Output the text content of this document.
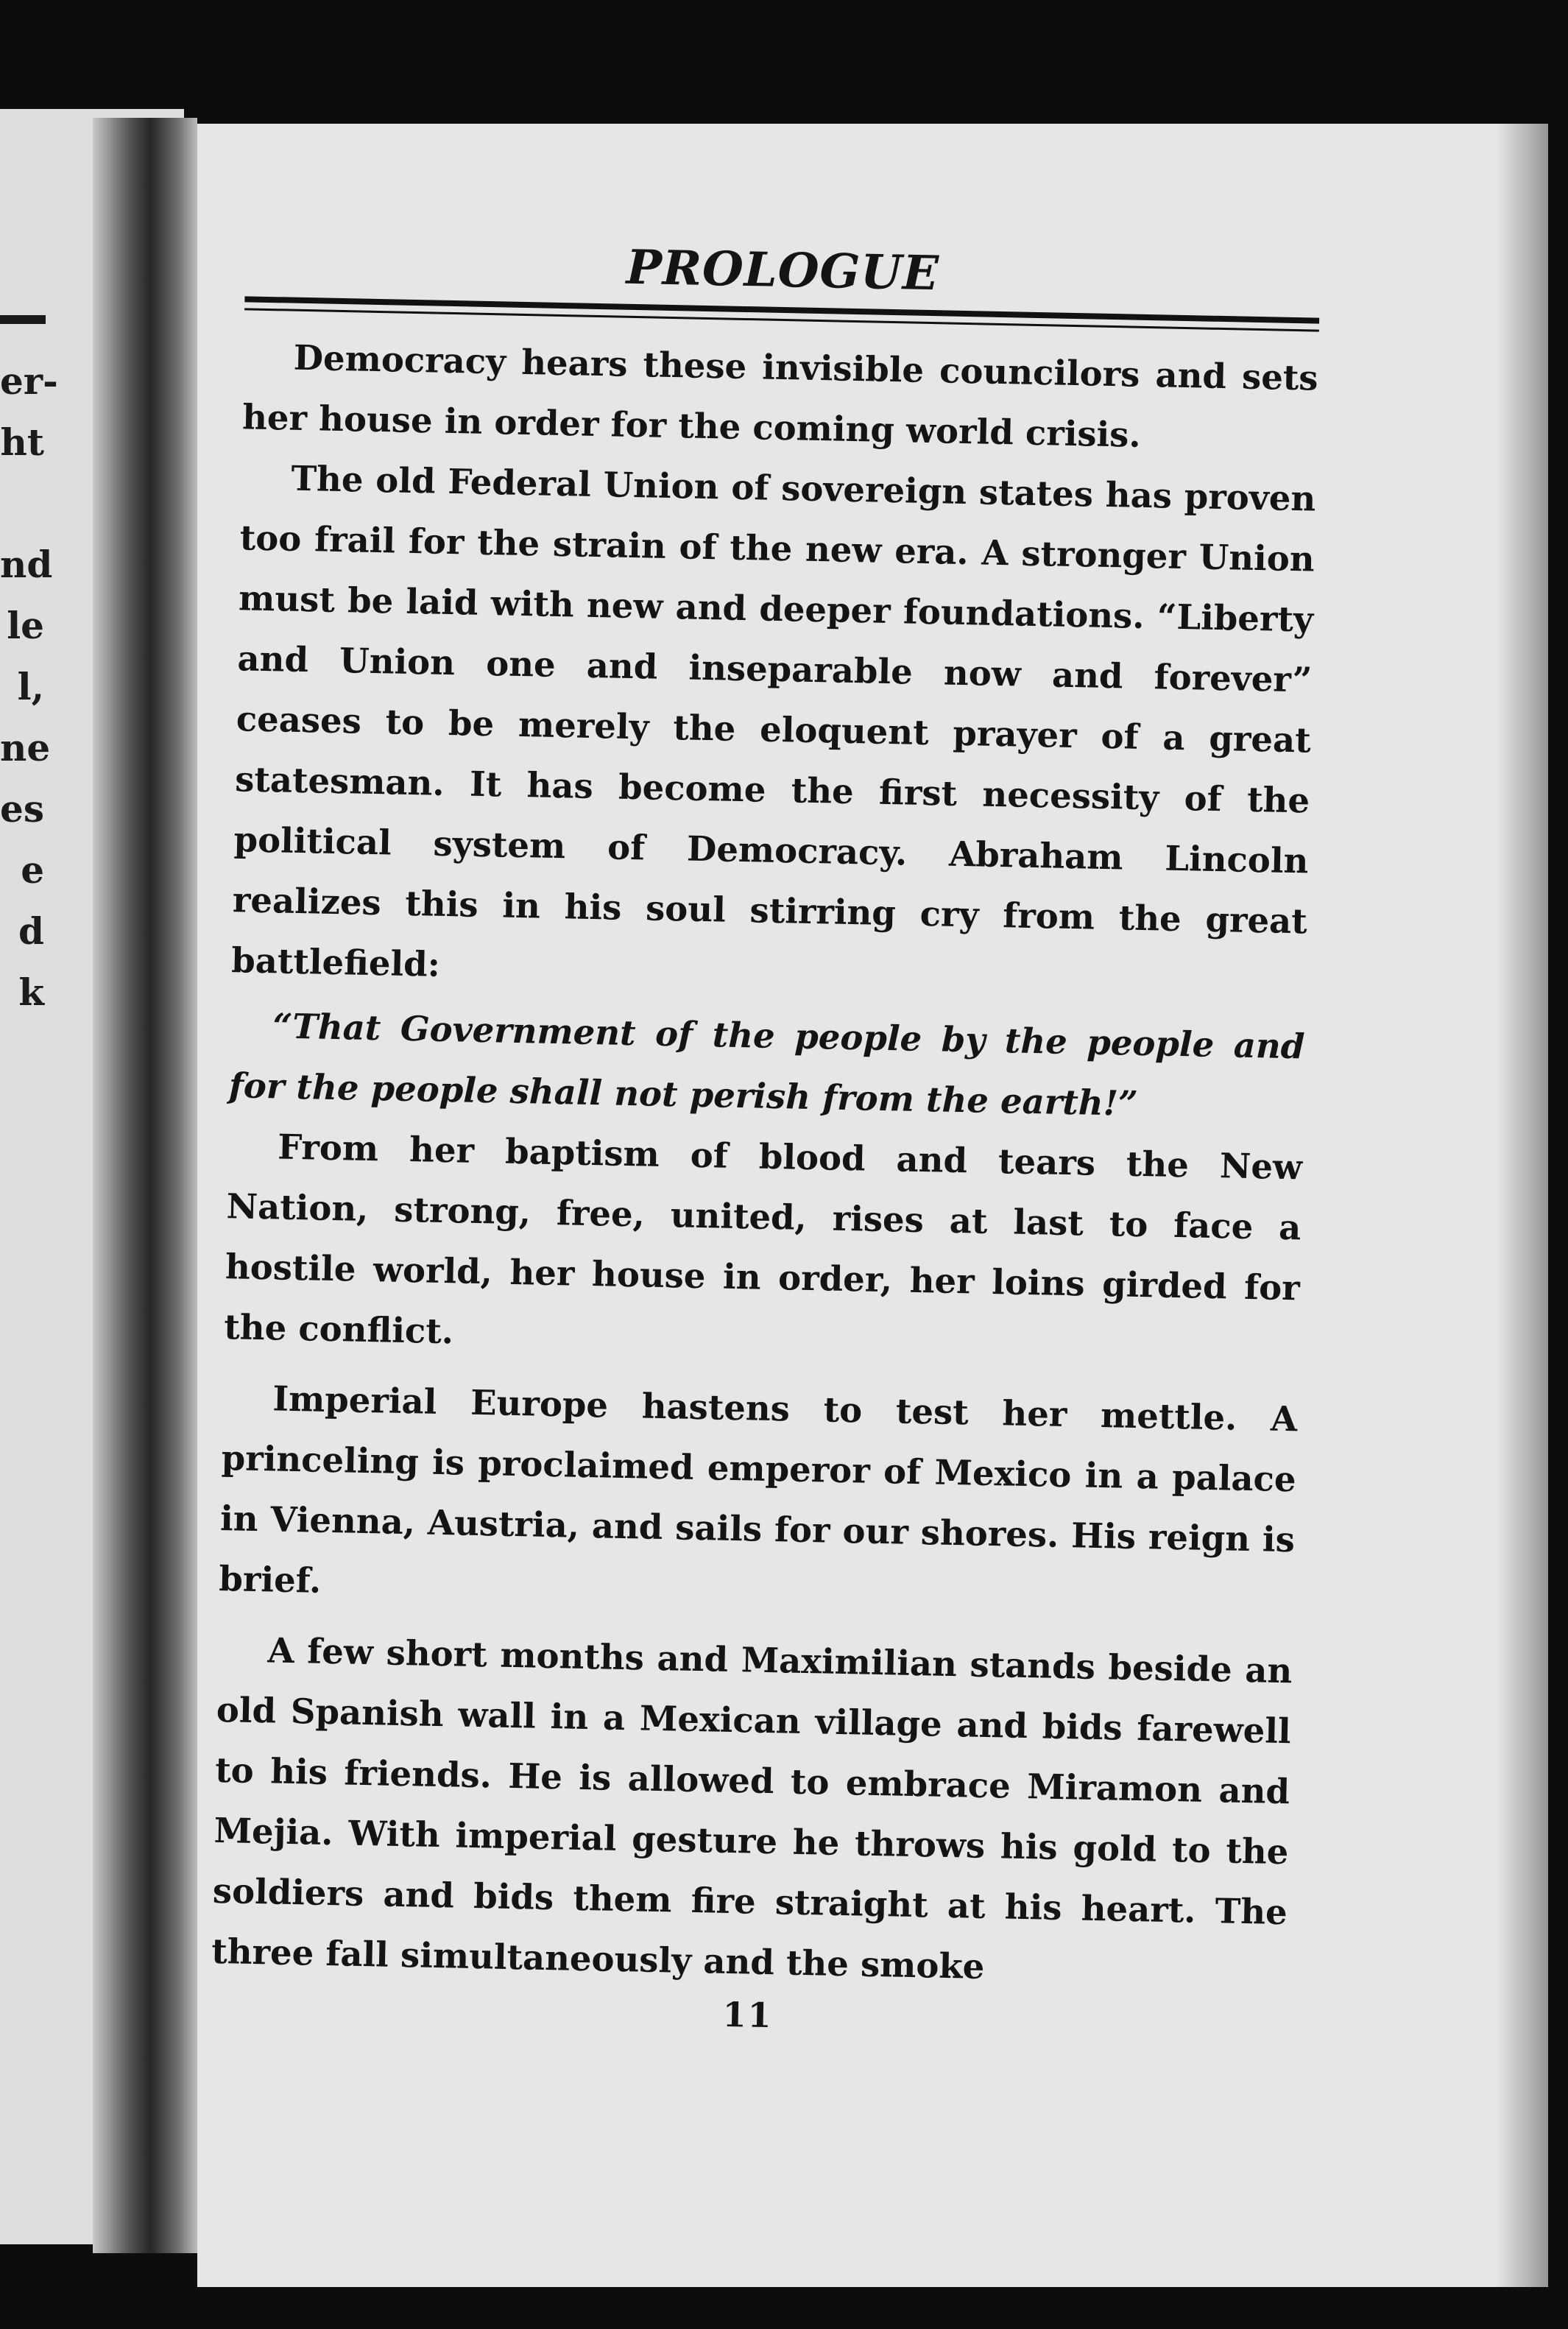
er-
ht
nd
le
l,
ne
es
e
d
k
PROLOGUE

Democracy hears these invisible councilors and sets her house in order for the coming world crisis.

The old Federal Union of sovereign states has proven too frail for the strain of the new era. A stronger Union must be laid with new and deeper foundations. “Liberty and Union one and inseparable now and forever” ceases to be merely the eloquent prayer of a great statesman. It has become the first necessity of the political system of Democracy. Abraham Lincoln realizes this in his soul stirring cry from the great battlefield:

“That Government of the people by the people and for the people shall not perish from the earth!”

From her baptism of blood and tears the New Nation, strong, free, united, rises at last to face a hostile world, her house in order, her loins girded for the conflict.

Imperial Europe hastens to test her mettle. A princeling is proclaimed emperor of Mexico in a palace in Vienna, Austria, and sails for our shores. His reign is brief.

A few short months and Maximilian stands beside an old Spanish wall in a Mexican village and bids farewell to his friends. He is allowed to embrace Miramon and Mejia. With imperial gesture he throws his gold to the soldiers and bids them fire straight at his heart. The three fall simultaneously and the smoke

11
